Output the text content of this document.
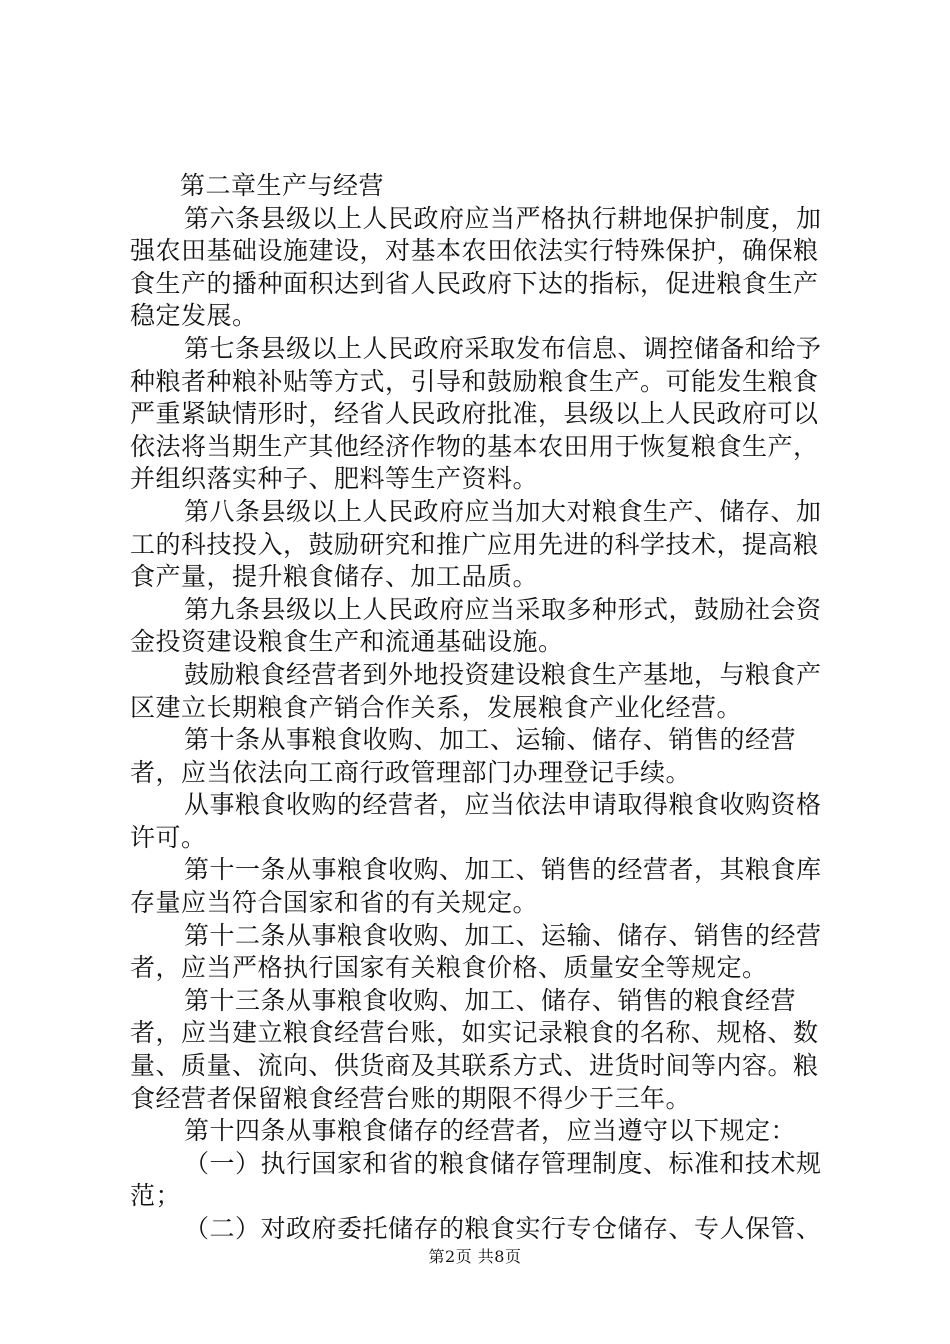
第二章生产与经营

第六条县级以上人民政府应当严格执行耕地保护制度，加强农田基础设施建设，对基本农田依法实行特殊保护，确保粮食生产的播种面积达到省人民政府下达的指标，促进粮食生产稳定发展。

第七条县级以上人民政府采取发布信息、调控储备和给予种粮者种粮补贴等方式，引导和鼓励粮食生产。可能发生粮食严重紧缺情形时，经省人民政府批准，县级以上人民政府可以依法将当期生产其他经济作物的基本农田用于恢复粮食生产，并组织落实种子、肥料等生产资料。

第八条县级以上人民政府应当加大对粮食生产、储存、加工的科技投入，鼓励研究和推广应用先进的科学技术，提高粮食产量，提升粮食储存、加工品质。

第九条县级以上人民政府应当采取多种形式，鼓励社会资金投资建设粮食生产和流通基础设施。

鼓励粮食经营者到外地投资建设粮食生产基地，与粮食产区建立长期粮食产销合作关系，发展粮食产业化经营。

第十条从事粮食收购、加工、运输、储存、销售的经营者，应当依法向工商行政管理部门办理登记手续。

从事粮食收购的经营者，应当依法申请取得粮食收购资格许可。

第十一条从事粮食收购、加工、销售的经营者，其粮食库存量应当符合国家和省的有关规定。

第十二条从事粮食收购、加工、运输、储存、销售的经营者，应当严格执行国家有关粮食价格、质量安全等规定。

第十三条从事粮食收购、加工、储存、销售的粮食经营者，应当建立粮食经营台账，如实记录粮食的名称、规格、数量、质量、流向、供货商及其联系方式、进货时间等内容。粮食经营者保留粮食经营台账的期限不得少于三年。

第十四条从事粮食储存的经营者，应当遵守以下规定：

（一）执行国家和省的粮食储存管理制度、标准和技术规范；

（二）对政府委托储存的粮食实行专仓储存、专人保管、

第2页 共8页
